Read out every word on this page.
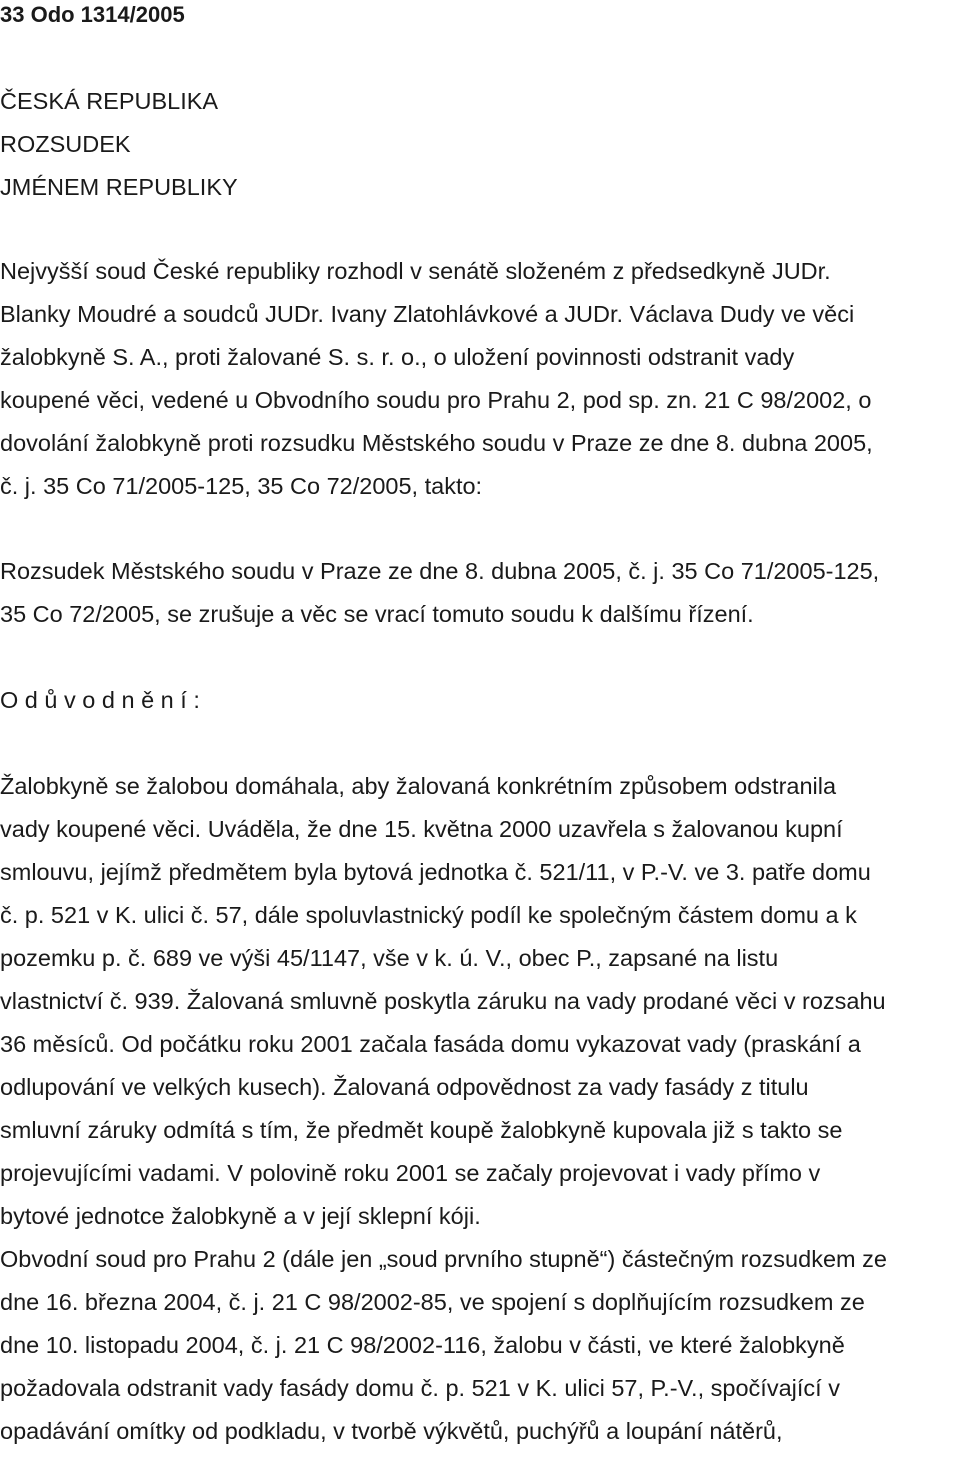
33 Odo 1314/2005
ČESKÁ REPUBLIKA
ROZSUDEK
JMÉNEM REPUBLIKY
Nejvyšší soud České republiky rozhodl v senátě složeném z předsedkyně JUDr.
Blanky Moudré a soudců JUDr. Ivany Zlatohlávkové a JUDr. Václava Dudy ve věci
žalobkyně S. A., proti žalované S. s. r. o., o uložení povinnosti odstranit vady
koupené věci, vedené u Obvodního soudu pro Prahu 2, pod sp. zn. 21 C 98/2002, o
dovolání žalobkyně proti rozsudku Městského soudu v Praze ze dne 8. dubna 2005,
č. j. 35 Co 71/2005-125, 35 Co 72/2005, takto:
Rozsudek Městského soudu v Praze ze dne 8. dubna 2005, č. j. 35 Co 71/2005-125,
35 Co 72/2005, se zrušuje a věc se vrací tomuto soudu k dalšímu řízení.
O d ů v o d n ě n í :
Žalobkyně se žalobou domáhala, aby žalovaná konkrétním způsobem odstranila
vady koupené věci. Uváděla, že dne 15. května 2000 uzavřela s žalovanou kupní
smlouvu, jejímž předmětem byla bytová jednotka č. 521/11, v P.-V. ve 3. patře domu
č. p. 521 v K. ulici č. 57, dále spoluvlastnický podíl ke společným částem domu a k
pozemku p. č. 689 ve výši 45/1147, vše v k. ú. V., obec P., zapsané na listu
vlastnictví č. 939. Žalovaná smluvně poskytla záruku na vady prodané věci v rozsahu
36 měsíců. Od počátku roku 2001 začala fasáda domu vykazovat vady (praskání a
odlupování ve velkých kusech). Žalovaná odpovědnost za vady fasády z titulu
smluvní záruky odmítá s tím, že předmět koupě žalobkyně kupovala již s takto se
projevujícími vadami. V polovině roku 2001 se začaly projevovat i vady přímo v
bytové jednotce žalobkyně a v její sklepní kóji.
Obvodní soud pro Prahu 2 (dále jen „soud prvního stupně“) částečným rozsudkem ze
dne 16. března 2004, č. j. 21 C 98/2002-85, ve spojení s doplňujícím rozsudkem ze
dne 10. listopadu 2004, č. j. 21 C 98/2002-116, žalobu v části, ve které žalobkyně
požadovala odstranit vady fasády domu č. p. 521 v K. ulici 57, P.-V., spočívající v
opadávání omítky od podkladu, v tvorbě výkvětů, puchýřů a loupání nátěrů,
